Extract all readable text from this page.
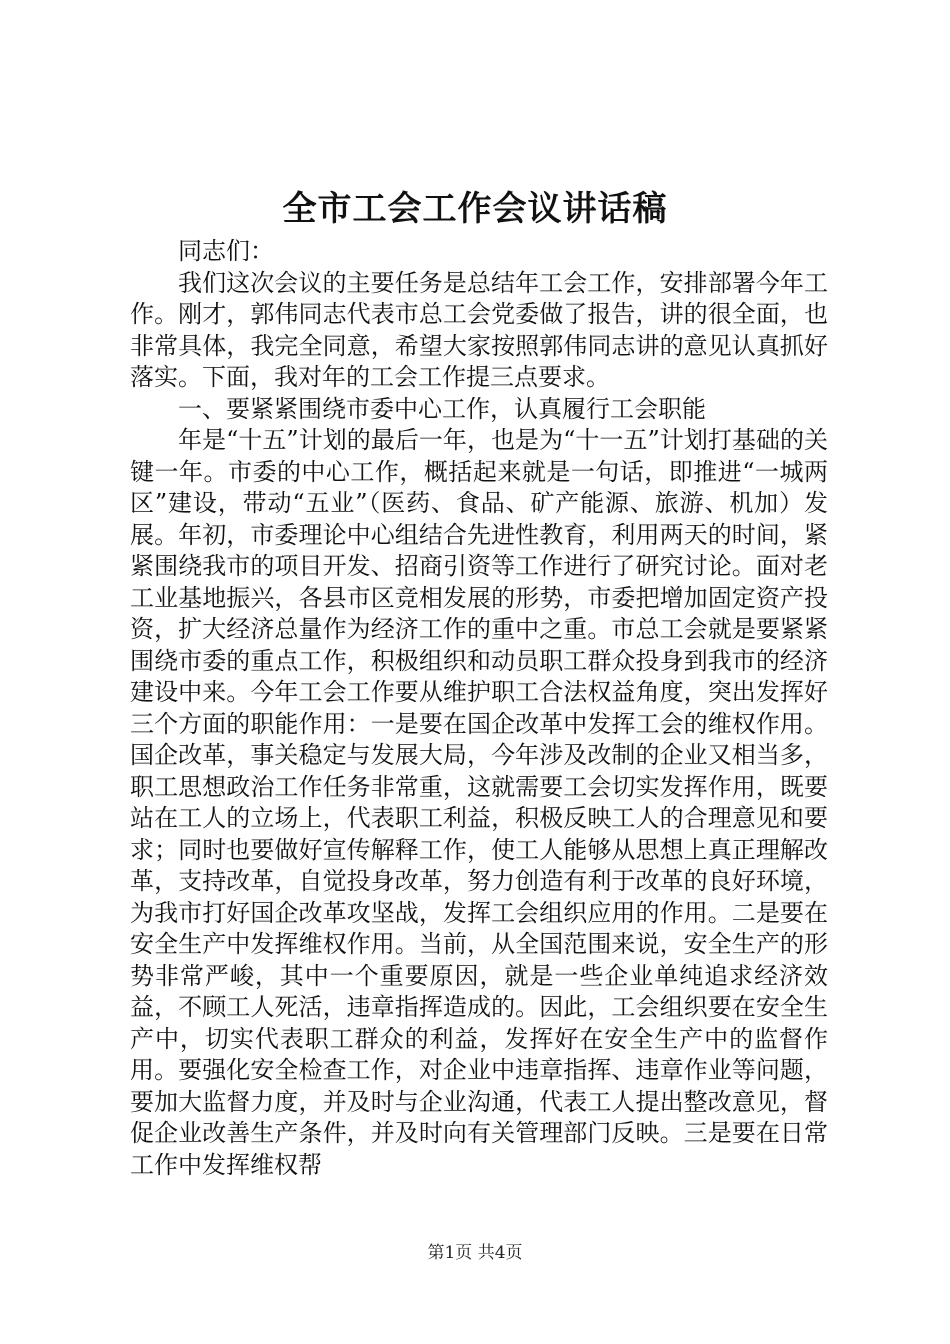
全市工会工作会议讲话稿

同志们：

我们这次会议的主要任务是总结年工会工作，安排部署今年工作。刚才，郭伟同志代表市总工会党委做了报告，讲的很全面，也非常具体，我完全同意，希望大家按照郭伟同志讲的意见认真抓好落实。下面，我对年的工会工作提三点要求。

一、要紧紧围绕市委中心工作，认真履行工会职能

年是“十五”计划的最后一年，也是为“十一五”计划打基础的关键一年。市委的中心工作，概括起来就是一句话，即推进“一城两区”建设，带动“五业”（医药、食品、矿产能源、旅游、机加）发展。年初，市委理论中心组结合先进性教育，利用两天的时间，紧紧围绕我市的项目开发、招商引资等工作进行了研究讨论。面对老工业基地振兴，各县市区竞相发展的形势，市委把增加固定资产投资，扩大经济总量作为经济工作的重中之重。市总工会就是要紧紧围绕市委的重点工作，积极组织和动员职工群众投身到我市的经济建设中来。今年工会工作要从维护职工合法权益角度，突出发挥好三个方面的职能作用：一是要在国企改革中发挥工会的维权作用。国企改革，事关稳定与发展大局，今年涉及改制的企业又相当多，职工思想政治工作任务非常重，这就需要工会切实发挥作用，既要站在工人的立场上，代表职工利益，积极反映工人的合理意见和要求；同时也要做好宣传解释工作，使工人能够从思想上真正理解改革，支持改革，自觉投身改革，努力创造有利于改革的良好环境，为我市打好国企改革攻坚战，发挥工会组织应用的作用。二是要在安全生产中发挥维权作用。当前，从全国范围来说，安全生产的形势非常严峻，其中一个重要原因，就是一些企业单纯追求经济效益，不顾工人死活，违章指挥造成的。因此，工会组织要在安全生产中，切实代表职工群众的利益，发挥好在安全生产中的监督作用。要强化安全检查工作，对企业中违章指挥、违章作业等问题，要加大监督力度，并及时与企业沟通，代表工人提出整改意见，督促企业改善生产条件，并及时向有关管理部门反映。三是要在日常工作中发挥维权帮

第1页 共4页
